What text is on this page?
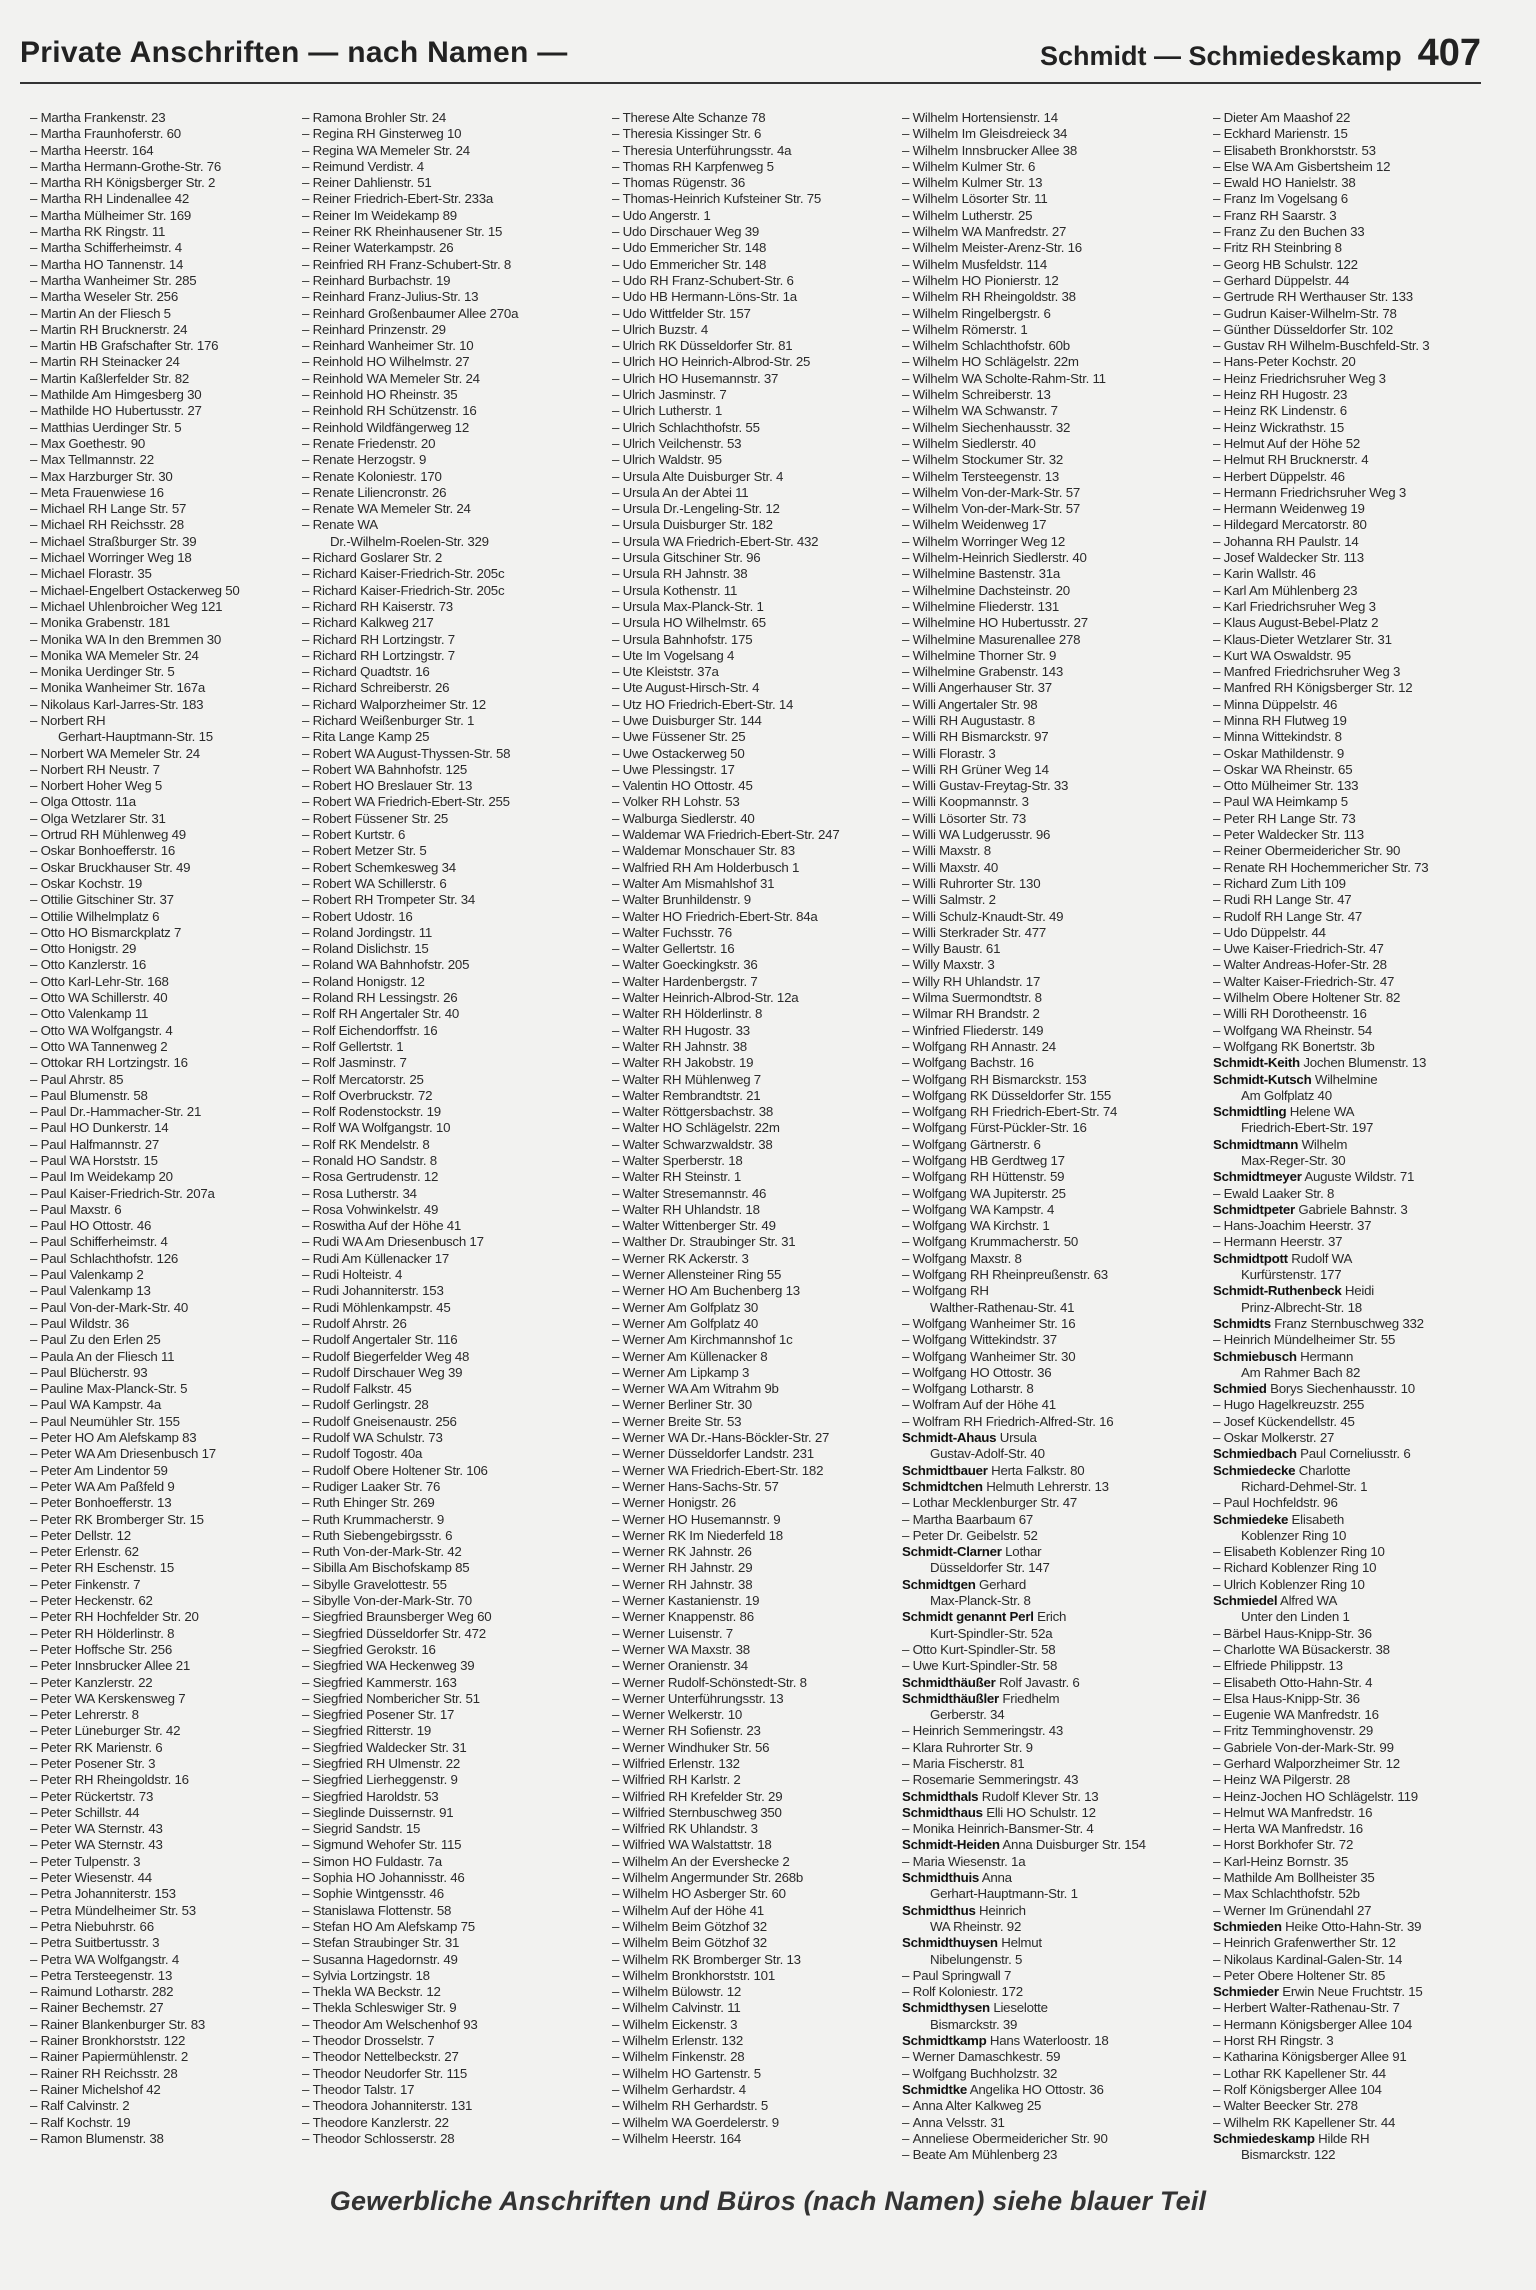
Private Anschriften — nach Namen —	Schmidt — Schmiedeskamp 407
– Martha Frankenstr. 23
– Martha Fraunhoferstr. 60
– Martha Heerstr. 164
– Martha Hermann-Grothe-Str. 76
– Martha RH Königsberger Str. 2
– Martha RH Lindenallee 42
– Martha Mülheimer Str. 169
– Martha RK Ringstr. 11
– Martha Schifferheimstr. 4
– Martha HO Tannenstr. 14
– Martha Wanheimer Str. 285
– Martha Weseler Str. 256
– Martin An der Fliesch 5
– Martin RH Brucknerstr. 24
– Martin HB Grafschafter Str. 176
– Martin RH Steinacker 24
– Martin Kaßlerfelder Str. 82
– Mathilde Am Himgesberg 30
– Mathilde HO Hubertusstr. 27
– Matthias Uerdinger Str. 5
– Max Goethestr. 90
– Max Tellmannstr. 22
– Max Harzburger Str. 30
– Meta Frauenwiese 16
– Michael RH Lange Str. 57
– Michael RH Reichsstr. 28
– Michael Straßburger Str. 39
– Michael Worringer Weg 18
– Michael Florastr. 35
– Michael-Engelbert Ostackerweg 50
– Michael Uhlenbroicher Weg 121
– Monika Grabenstr. 181
– Monika WA In den Bremmen 30
– Monika WA Memeler Str. 24
– Monika Uerdinger Str. 5
– Monika Wanheimer Str. 167a
– Nikolaus Karl-Jarres-Str. 183
– Norbert RH
Gerhart-Hauptmann-Str. 15
– Norbert WA Memeler Str. 24
– Norbert RH Neustr. 7
– Norbert Hoher Weg 5
– Olga Ottostr. 11a
– Olga Wetzlarer Str. 31
– Ortrud RH Mühlenweg 49
– Oskar Bonhoefferstr. 16
– Oskar Bruckhauser Str. 49
– Oskar Kochstr. 19
– Ottilie Gitschiner Str. 37
– Ottilie Wilhelmplatz 6
– Otto HO Bismarckplatz 7
– Otto Honigstr. 29
– Otto Kanzlerstr. 16
– Otto Karl-Lehr-Str. 168
– Otto WA Schillerstr. 40
– Otto Valenkamp 11
– Otto WA Wolfgangstr. 4
– Otto WA Tannenweg 2
– Ottokar RH Lortzingstr. 16
– Paul Ahrstr. 85
– Paul Blumenstr. 58
– Paul Dr.-Hammacher-Str. 21
– Paul HO Dunkerstr. 14
– Paul Halfmannstr. 27
– Paul WA Horststr. 15
– Paul Im Weidekamp 20
– Paul Kaiser-Friedrich-Str. 207a
– Paul Maxstr. 6
– Paul HO Ottostr. 46
– Paul Schifferheimstr. 4
– Paul Schlachthofstr. 126
– Paul Valenkamp 2
– Paul Valenkamp 13
– Paul Von-der-Mark-Str. 40
– Paul Wildstr. 36
– Paul Zu den Erlen 25
– Paula An der Fliesch 11
– Paul Blücherstr. 93
– Pauline Max-Planck-Str. 5
– Paul WA Kampstr. 4a
– Paul Neumühler Str. 155
– Peter HO Am Alefskamp 83
– Peter WA Am Driesenbusch 17
– Peter Am Lindentor 59
– Peter WA Am Paßfeld 9
– Peter Bonhoefferstr. 13
– Peter RK Bromberger Str. 15
– Peter Dellstr. 12
– Peter Erlenstr. 62
– Peter RH Eschenstr. 15
– Peter Finkenstr. 7
– Peter Heckenstr. 62
– Peter RH Hochfelder Str. 20
– Peter RH Hölderlinstr. 8
– Peter Hoffsche Str. 256
– Peter Innsbrucker Allee 21
– Peter Kanzlerstr. 22
– Peter WA Kerskensweg 7
– Peter Lehrerstr. 8
– Peter Lüneburger Str. 42
– Peter RK Marienstr. 6
– Peter Posener Str. 3
– Peter RH Rheingoldstr. 16
– Peter Rückertstr. 73
– Peter Schillstr. 44
– Peter WA Sternstr. 43
– Peter WA Sternstr. 43
– Peter Tulpenstr. 3
– Peter Wiesenstr. 44
– Petra Johanniterstr. 153
– Petra Mündelheimer Str. 53
– Petra Niebuhrstr. 66
– Petra Suitbertusstr. 3
– Petra WA Wolfgangstr. 4
– Petra Tersteegenstr. 13
– Raimund Lotharstr. 282
– Rainer Bechemstr. 27
– Rainer Blankenburger Str. 83
– Rainer Bronkhorststr. 122
– Rainer Papiermühlenstr. 2
– Rainer RH Reichsstr. 28
– Rainer Michelshof 42
– Ralf Calvinstr. 2
– Ralf Kochstr. 19
– Ramon Blumenstr. 38
– Ramona Brohler Str. 24
– Regina RH Ginsterweg 10
– Regina WA Memeler Str. 24
– Reimund Verdistr. 4
– Reiner Dahlienstr. 51
– Reiner Friedrich-Ebert-Str. 233a
– Reiner Im Weidekamp 89
– Reiner RK Rheinhausener Str. 15
– Reiner Waterkampstr. 26
– Reinfried RH Franz-Schubert-Str. 8
– Reinhard Burbachstr. 19
– Reinhard Franz-Julius-Str. 13
– Reinhard Großenbaumer Allee 270a
– Reinhard Prinzenstr. 29
– Reinhard Wanheimer Str. 10
– Reinhold HO Wilhelmstr. 27
– Reinhold WA Memeler Str. 24
– Reinhold HO Rheinstr. 35
– Reinhold RH Schützenstr. 16
– Reinhold Wildfängerweg 12
– Renate Friedenstr. 20
– Renate Herzogstr. 9
– Renate Koloniestr. 170
– Renate Liliencronstr. 26
– Renate WA Memeler Str. 24
– Renate WA
Dr.-Wilhelm-Roelen-Str. 329
– Richard Goslarer Str. 2
– Richard Kaiser-Friedrich-Str. 205c
– Richard Kaiser-Friedrich-Str. 205c
– Richard RH Kaiserstr. 73
– Richard Kalkweg 217
– Richard RH Lortzingstr. 7
– Richard RH Lortzingstr. 7
– Richard Quadtstr. 16
– Richard Schreiberstr. 26
– Richard Walporzheimer Str. 12
– Richard Weißenburger Str. 1
– Rita Lange Kamp 25
– Robert WA August-Thyssen-Str. 58
– Robert WA Bahnhofstr. 125
– Robert HO Breslauer Str. 13
– Robert WA Friedrich-Ebert-Str. 255
– Robert Füssener Str. 25
– Robert Kurtstr. 6
– Robert Metzer Str. 5
– Robert Schemkesweg 34
– Robert WA Schillerstr. 6
– Robert RH Trompeter Str. 34
– Robert Udostr. 16
– Roland Jordingstr. 11
– Roland Dislichstr. 15
– Roland WA Bahnhofstr. 205
– Roland Honigstr. 12
– Roland RH Lessingstr. 26
– Rolf RH Angertaler Str. 40
– Rolf Eichendorffstr. 16
– Rolf Gellertstr. 1
– Rolf Jasminstr. 7
– Rolf Mercatorstr. 25
– Rolf Overbruckstr. 72
– Rolf Rodenstockstr. 19
– Rolf WA Wolfgangstr. 10
– Rolf RK Mendelstr. 8
– Ronald HO Sandstr. 8
– Rosa Gertrudenstr. 12
– Rosa Lutherstr. 34
– Rosa Vohwinkelstr. 49
– Roswitha Auf der Höhe 41
– Rudi WA Am Driesenbusch 17
– Rudi Am Küllenacker 17
– Rudi Holteistr. 4
– Rudi Johanniterstr. 153
– Rudi Möhlenkampstr. 45
– Rudolf Ahrstr. 26
– Rudolf Angertaler Str. 116
– Rudolf Biegerfelder Weg 48
– Rudolf Dirschauer Weg 39
– Rudolf Falkstr. 45
– Rudolf Gerlingstr. 28
– Rudolf Gneisenaustr. 256
– Rudolf WA Schulstr. 73
– Rudolf Togostr. 40a
– Rudolf Obere Holtener Str. 106
– Rudiger Laaker Str. 76
– Ruth Ehinger Str. 269
– Ruth Krummacherstr. 9
– Ruth Siebengebirgsstr. 6
– Ruth Von-der-Mark-Str. 42
– Sibilla Am Bischofskamp 85
– Sibylle Gravelottestr. 55
– Sibylle Von-der-Mark-Str. 70
– Siegfried Braunsberger Weg 60
– Siegfried Düsseldorfer Str. 472
– Siegfried Gerokstr. 16
– Siegfried WA Heckenweg 39
– Siegfried Kammerstr. 163
– Siegfried Nombericher Str. 51
– Siegfried Posener Str. 17
– Siegfried Ritterstr. 19
– Siegfried Waldecker Str. 31
– Siegfried RH Ulmenstr. 22
– Siegfried Lierheggenstr. 9
– Siegfried Haroldstr. 53
– Sieglinde Duissernstr. 91
– Siegrid Sandstr. 15
– Sigmund Wehofer Str. 115
– Simon HO Fuldastr. 7a
– Sophia HO Johannisstr. 46
– Sophie Wintgensstr. 46
– Stanislawa Flottenstr. 58
– Stefan HO Am Alefskamp 75
– Stefan Straubinger Str. 31
– Susanna Hagedornstr. 49
– Sylvia Lortzingstr. 18
– Thekla WA Beckstr. 12
– Thekla Schleswiger Str. 9
– Theodor Am Welschenhof 93
– Theodor Drosselstr. 7
– Theodor Nettelbeckstr. 27
– Theodor Neudorfer Str. 115
– Theodor Talstr. 17
– Theodora Johanniterstr. 131
– Theodore Kanzlerstr. 22
– Theodor Schlosserstr. 28
– Therese Alte Schanze 78
– Theresia Kissinger Str. 6
– Theresia Unterführungsstr. 4a
– Thomas RH Karpfenweg 5
– Thomas Rügenstr. 36
– Thomas-Heinrich Kufsteiner Str. 75
– Udo Angerstr. 1
– Udo Dirschauer Weg 39
– Udo Emmericher Str. 148
– Udo Emmericher Str. 148
– Udo RH Franz-Schubert-Str. 6
– Udo HB Hermann-Löns-Str. 1a
– Udo Wittfelder Str. 157
– Ulrich Buzstr. 4
– Ulrich RK Düsseldorfer Str. 81
– Ulrich HO Heinrich-Albrod-Str. 25
– Ulrich HO Husemannstr. 37
– Ulrich Jasminstr. 7
– Ulrich Lutherstr. 1
– Ulrich Schlachthofstr. 55
– Ulrich Veilchenstr. 53
– Ulrich Waldstr. 95
– Ursula Alte Duisburger Str. 4
– Ursula An der Abtei 11
– Ursula Dr.-Lengeling-Str. 12
– Ursula Duisburger Str. 182
– Ursula WA Friedrich-Ebert-Str. 432
– Ursula Gitschiner Str. 96
– Ursula RH Jahnstr. 38
– Ursula Kothenstr. 11
– Ursula Max-Planck-Str. 1
– Ursula HO Wilhelmstr. 65
– Ursula Bahnhofstr. 175
– Ute Im Vogelsang 4
– Ute Kleiststr. 37a
– Ute August-Hirsch-Str. 4
– Utz HO Friedrich-Ebert-Str. 14
– Uwe Duisburger Str. 144
– Uwe Füssener Str. 25
– Uwe Ostackerweg 50
– Uwe Plessingstr. 17
– Valentin HO Ottostr. 45
– Volker RH Lohstr. 53
– Walburga Siedlerstr. 40
– Waldemar WA Friedrich-Ebert-Str. 247
– Waldemar Monschauer Str. 83
– Walfried RH Am Holderbusch 1
– Walter Am Mismahlshof 31
– Walter Brunhildenstr. 9
– Walter HO Friedrich-Ebert-Str. 84a
– Walter Fuchsstr. 76
– Walter Gellertstr. 16
– Walter Goeckingkstr. 36
– Walter Hardenbergstr. 7
– Walter Heinrich-Albrod-Str. 12a
– Walter RH Hölderlinstr. 8
– Walter RH Hugostr. 33
– Walter RH Jahnstr. 38
– Walter RH Jakobstr. 19
– Walter RH Mühlenweg 7
– Walter Rembrandtstr. 21
– Walter Röttgersbachstr. 38
– Walter HO Schlägelstr. 22m
– Walter Schwarzwaldstr. 38
– Walter Sperberstr. 18
– Walter RH Steinstr. 1
– Walter Stresemannstr. 46
– Walter RH Uhlandstr. 18
– Walter Wittenberger Str. 49
– Walther Dr. Straubinger Str. 31
– Werner RK Ackerstr. 3
– Werner Allensteiner Ring 55
– Werner HO Am Buchenberg 13
– Werner Am Golfplatz 30
– Werner Am Golfplatz 40
– Werner Am Kirchmannshof 1c
– Werner Am Küllenacker 8
– Werner Am Lipkamp 3
– Werner WA Am Witrahm 9b
– Werner Berliner Str. 30
– Werner Breite Str. 53
– Werner WA Dr.-Hans-Böckler-Str. 27
– Werner Düsseldorfer Landstr. 231
– Werner WA Friedrich-Ebert-Str. 182
– Werner Hans-Sachs-Str. 57
– Werner Honigstr. 26
– Werner HO Husemannstr. 9
– Werner RK Im Niederfeld 18
– Werner RK Jahnstr. 26
– Werner RH Jahnstr. 29
– Werner RH Jahnstr. 38
– Werner Kastanienstr. 19
– Werner Knappenstr. 86
– Werner Luisenstr. 7
– Werner WA Maxstr. 38
– Werner Oranienstr. 34
– Werner Rudolf-Schönstedt-Str. 8
– Werner Unterführungsstr. 13
– Werner Welkerstr. 10
– Werner RH Sofienstr. 23
– Werner Windhuker Str. 56
– Wilfried Erlenstr. 132
– Wilfried RH Karlstr. 2
– Wilfried RH Krefelder Str. 29
– Wilfried Sternbuschweg 350
– Wilfried RK Uhlandstr. 3
– Wilfried WA Walstattstr. 18
– Wilhelm An der Evershecke 2
– Wilhelm Angermunder Str. 268b
– Wilhelm HO Asberger Str. 60
– Wilhelm Auf der Höhe 41
– Wilhelm Beim Götzhof 32
– Wilhelm Beim Götzhof 32
– Wilhelm RK Bromberger Str. 13
– Wilhelm Bronkhorststr. 101
– Wilhelm Bülowstr. 12
– Wilhelm Calvinstr. 11
– Wilhelm Eickenstr. 3
– Wilhelm Erlenstr. 132
– Wilhelm Finkenstr. 28
– Wilhelm HO Gartenstr. 5
– Wilhelm Gerhardstr. 4
– Wilhelm RH Gerhardstr. 5
– Wilhelm WA Goerdelerstr. 9
– Wilhelm Heerstr. 164
– Wilhelm Hortensienstr. 14
– Wilhelm Im Gleisdreieck 34
– Wilhelm Innsbrucker Allee 38
– Wilhelm Kulmer Str. 6
– Wilhelm Kulmer Str. 13
– Wilhelm Lösorter Str. 11
– Wilhelm Lutherstr. 25
– Wilhelm WA Manfredstr. 27
– Wilhelm Meister-Arenz-Str. 16
– Wilhelm Musfeldstr. 114
– Wilhelm HO Pionierstr. 12
– Wilhelm RH Rheingoldstr. 38
– Wilhelm Ringelbergstr. 6
– Wilhelm Römerstr. 1
– Wilhelm Schlachthofstr. 60b
– Wilhelm HO Schlägelstr. 22m
– Wilhelm WA Scholte-Rahm-Str. 11
– Wilhelm Schreiberstr. 13
– Wilhelm WA Schwanstr. 7
– Wilhelm Siechenhausstr. 32
– Wilhelm Siedlerstr. 40
– Wilhelm Stockumer Str. 32
– Wilhelm Tersteegenstr. 13
– Wilhelm Von-der-Mark-Str. 57
– Wilhelm Von-der-Mark-Str. 57
– Wilhelm Weidenweg 17
– Wilhelm Worringer Weg 12
– Wilhelm-Heinrich Siedlerstr. 40
– Wilhelmine Bastenstr. 31a
– Wilhelmine Dachsteinstr. 20
– Wilhelmine Fliederstr. 131
– Wilhelmine HO Hubertusstr. 27
– Wilhelmine Masurenallee 278
– Wilhelmine Thorner Str. 9
– Wilhelmine Grabenstr. 143
– Willi Angerhauser Str. 37
– Willi Angertaler Str. 98
– Willi RH Augustastr. 8
– Willi RH Bismarckstr. 97
– Willi Florastr. 3
– Willi RH Grüner Weg 14
– Willi Gustav-Freytag-Str. 33
– Willi Koopmannstr. 3
– Willi Lösorter Str. 73
– Willi WA Ludgerusstr. 96
– Willi Maxstr. 8
– Willi Maxstr. 40
– Willi Ruhrorter Str. 130
– Willi Salmstr. 2
– Willi Schulz-Knaudt-Str. 49
– Willi Sterkrader Str. 477
– Willy Baustr. 61
– Willy Maxstr. 3
– Willy RH Uhlandstr. 17
– Wilma Suermondtstr. 8
– Wilmar RH Brandstr. 2
– Winfried Fliederstr. 149
– Wolfgang RH Annastr. 24
– Wolfgang Bachstr. 16
– Wolfgang RH Bismarckstr. 153
– Wolfgang RK Düsseldorfer Str. 155
– Wolfgang RH Friedrich-Ebert-Str. 74
– Wolfgang Fürst-Pückler-Str. 16
– Wolfgang Gärtnerstr. 6
– Wolfgang HB Gerdtweg 17
– Wolfgang RH Hüttenstr. 59
– Wolfgang WA Jupiterstr. 25
– Wolfgang WA Kampstr. 4
– Wolfgang WA Kirchstr. 1
– Wolfgang Krummacherstr. 50
– Wolfgang Maxstr. 8
– Wolfgang RH Rheinpreußenstr. 63
– Wolfgang RH
Walther-Rathenau-Str. 41
– Wolfgang Wanheimer Str. 16
– Wolfgang Wittekindstr. 37
– Wolfgang Wanheimer Str. 30
– Wolfgang HO Ottostr. 36
– Wolfgang Lotharstr. 8
– Wolfram Auf der Höhe 41
– Wolfram RH Friedrich-Alfred-Str. 16
Schmidt-Ahaus Ursula
Gustav-Adolf-Str. 40
Schmidtbauer Herta Falkstr. 80
Schmidtchen Helmuth Lehrerstr. 13
– Lothar Mecklenburger Str. 47
– Martha Baarbaum 67
– Peter Dr. Geibelstr. 52
Schmidt-Clarner Lothar
Düsseldorfer Str. 147
Schmidtgen Gerhard
Max-Planck-Str. 8
Schmidt genannt Perl Erich
Kurt-Spindler-Str. 52a
– Otto Kurt-Spindler-Str. 58
– Uwe Kurt-Spindler-Str. 58
Schmidthäußer Rolf Javastr. 6
Schmidthäußler Friedhelm
Gerberstr. 34
– Heinrich Semmeringstr. 43
– Klara Ruhrorter Str. 9
– Maria Fischerstr. 81
– Rosemarie Semmeringstr. 43
Schmidthals Rudolf Klever Str. 13
Schmidthaus Elli HO Schulstr. 12
– Monika Heinrich-Bansmer-Str. 4
Schmidt-Heiden Anna Duisburger Str. 154
– Maria Wiesenstr. 1a
Schmidthuis Anna
Gerhart-Hauptmann-Str. 1
Schmidthus Heinrich
WA Rheinstr. 92
Schmidthuysen Helmut
Nibelungenstr. 5
– Paul Springwall 7
– Rolf Koloniestr. 172
Schmidthysen Lieselotte
Bismarckstr. 39
Schmidtkamp Hans Waterloostr. 18
– Werner Damaschkestr. 59
– Wolfgang Buchholzstr. 32
Schmidtke Angelika HO Ottostr. 36
– Anna Alter Kalkweg 25
– Anna Velsstr. 31
– Anneliese Obermeidericher Str. 90
– Beate Am Mühlenberg 23
– Dieter Am Maashof 22
– Eckhard Marienstr. 15
– Elisabeth Bronkhorststr. 53
– Else WA Am Gisbertsheim 12
– Ewald HO Hanielstr. 38
– Franz Im Vogelsang 6
– Franz RH Saarstr. 3
– Franz Zu den Buchen 33
– Fritz RH Steinbring 8
– Georg HB Schulstr. 122
– Gerhard Düppelstr. 44
– Gertrude RH Werthauser Str. 133
– Gudrun Kaiser-Wilhelm-Str. 78
– Günther Düsseldorfer Str. 102
– Gustav RH Wilhelm-Buschfeld-Str. 3
– Hans-Peter Kochstr. 20
– Heinz Friedrichsruher Weg 3
– Heinz RH Hugostr. 23
– Heinz RK Lindenstr. 6
– Heinz Wickrathstr. 15
– Helmut Auf der Höhe 52
– Helmut RH Brucknerstr. 4
– Herbert Düppelstr. 46
– Hermann Friedrichsruher Weg 3
– Hermann Weidenweg 19
– Hildegard Mercatorstr. 80
– Johanna RH Paulstr. 14
– Josef Waldecker Str. 113
– Karin Wallstr. 46
– Karl Am Mühlenberg 23
– Karl Friedrichsruher Weg 3
– Klaus August-Bebel-Platz 2
– Klaus-Dieter Wetzlarer Str. 31
– Kurt WA Oswaldstr. 95
– Manfred Friedrichsruher Weg 3
– Manfred RH Königsberger Str. 12
– Minna Düppelstr. 46
– Minna RH Flutweg 19
– Minna Wittekindstr. 8
– Oskar Mathildenstr. 9
– Oskar WA Rheinstr. 65
– Otto Mülheimer Str. 133
– Paul WA Heimkamp 5
– Peter RH Lange Str. 73
– Peter Waldecker Str. 113
– Reiner Obermeidericher Str. 90
– Renate RH Hochemmericher Str. 73
– Richard Zum Lith 109
– Rudi RH Lange Str. 47
– Rudolf RH Lange Str. 47
– Udo Düppelstr. 44
– Uwe Kaiser-Friedrich-Str. 47
– Walter Andreas-Hofer-Str. 28
– Walter Kaiser-Friedrich-Str. 47
– Wilhelm Obere Holtener Str. 82
– Willi RH Dorotheenstr. 16
– Wolfgang WA Rheinstr. 54
– Wolfgang RK Bonertstr. 3b
Schmidt-Keith Jochen Blumenstr. 13
Schmidt-Kutsch Wilhelmine
Am Golfplatz 40
Schmidtling Helene WA
Friedrich-Ebert-Str. 197
Schmidtmann Wilhelm
Max-Reger-Str. 30
Schmidtmeyer Auguste Wildstr. 71
– Ewald Laaker Str. 8
Schmidtpeter Gabriele Bahnstr. 3
– Hans-Joachim Heerstr. 37
– Hermann Heerstr. 37
Schmidtpott Rudolf WA
Kurfürstenstr. 177
Schmidt-Ruthenbeck Heidi
Prinz-Albrecht-Str. 18
Schmidts Franz Sternbuschweg 332
– Heinrich Mündelheimer Str. 55
Schmiebusch Hermann
Am Rahmer Bach 82
Schmied Borys Siechenhausstr. 10
– Hugo Hagelkreuzstr. 255
– Josef Kückendellstr. 45
– Oskar Molkerstr. 27
Schmiedbach Paul Corneliusstr. 6
Schmiedecke Charlotte
Richard-Dehmel-Str. 1
– Paul Hochfeldstr. 96
Schmiedeke Elisabeth
Koblenzer Ring 10
– Elisabeth Koblenzer Ring 10
– Richard Koblenzer Ring 10
– Ulrich Koblenzer Ring 10
Schmiedel Alfred WA
Unter den Linden 1
– Bärbel Haus-Knipp-Str. 36
– Charlotte WA Büsackerstr. 38
– Elfriede Philippstr. 13
– Elisabeth Otto-Hahn-Str. 4
– Elsa Haus-Knipp-Str. 36
– Eugenie WA Manfredstr. 16
– Fritz Temminghovenstr. 29
– Gabriele Von-der-Mark-Str. 99
– Gerhard Walporzheimer Str. 12
– Heinz WA Pilgerstr. 28
– Heinz-Jochen HO Schlägelstr. 119
– Helmut WA Manfredstr. 16
– Herta WA Manfredstr. 16
– Horst Borkhofer Str. 72
– Karl-Heinz Bornstr. 35
– Mathilde Am Bollheister 35
– Max Schlachthofstr. 52b
– Werner Im Grünendahl 27
Schmieden Heike Otto-Hahn-Str. 39
– Heinrich Grafenwerther Str. 12
– Nikolaus Kardinal-Galen-Str. 14
– Peter Obere Holtener Str. 85
Schmieder Erwin Neue Fruchtstr. 15
– Herbert Walter-Rathenau-Str. 7
– Hermann Königsberger Allee 104
– Horst RH Ringstr. 3
– Katharina Königsberger Allee 91
– Lothar RK Kapellener Str. 44
– Rolf Königsberger Allee 104
– Walter Beecker Str. 278
– Wilhelm RK Kapellener Str. 44
Schmiedeskamp Hilde RH
Bismarckstr. 122
Gewerbliche Anschriften und Büros (nach Namen) siehe blauer Teil
